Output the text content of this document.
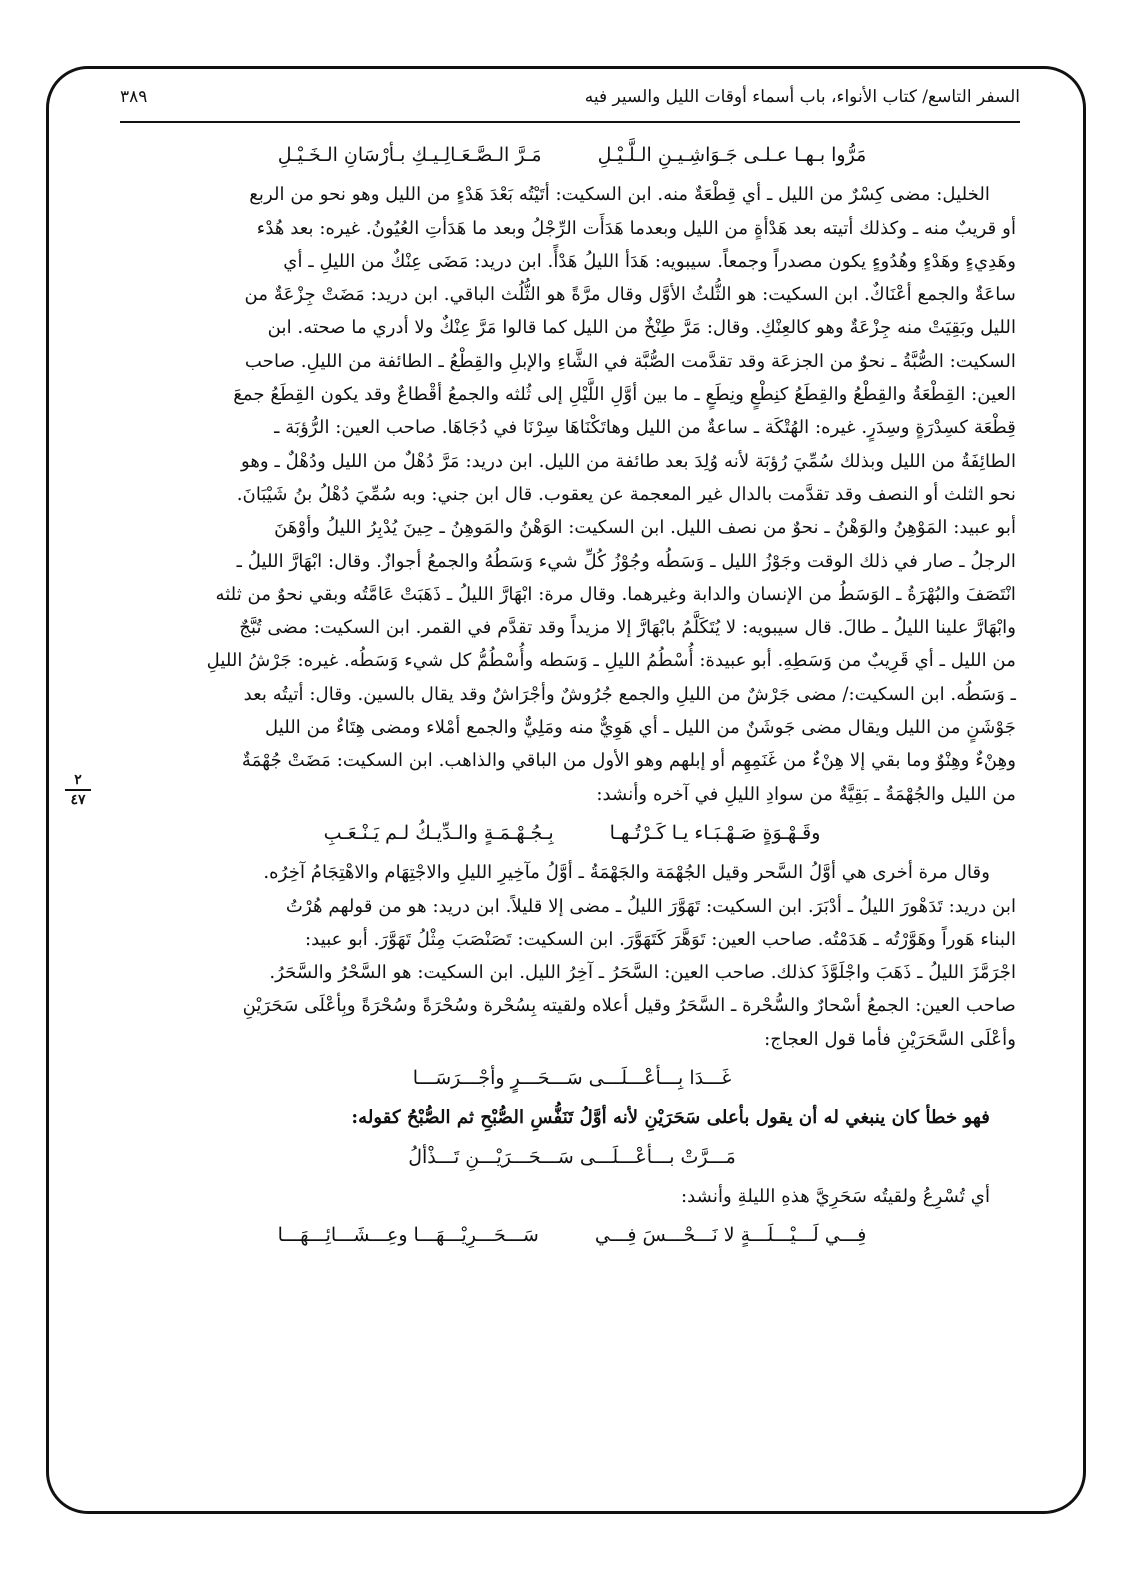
السفر التاسع/ كتاب الأنواء، باب أسماء أوقات الليل والسير فيه
٣٨٩
٢
٤٧
مَرُّوا بـهـا عـلـى جَـوَاشِـيـنِ الـلَّـيْـلِ
مَـرَّ الـصَّـعَـالِـيـكِ بـأرْسَانِ الـخَـيْـلِ

الخليل: مضى كِسْرٌ من الليل ـ أي قِطْعَةٌ منه. ابن السكيت: أتَيْتُه بَعْدَ هَدْءٍ من الليل وهو نحو من الربع

أو قريبٌ منه ـ وكذلك أتيته بعد هَدْأةٍ من الليل وبعدما هَدَأَت الرِّجْلُ وبعد ما هَدَأتِ العُيُونُ. غيره: بعد هُدْء

وهَدِيءٍ وهَدْءٍ وهُدُوءٍ يكون مصدراً وجمعاً. سيبويه: هَدَأ الليلُ هَدْأً. ابن دريد: مَضَى عِنْكٌ من الليلِ ـ أي

ساعَةٌ والجمع أعْنَاكٌ. ابن السكيت: هو الثُّلثُ الأوَّل وقال مرَّةً هو الثُّلُث الباقي. ابن دريد: مَضَتْ جِزْعَةٌ من

الليل وبَقِيَتْ منه جِزْعَةٌ وهو كالعِنْكِ. وقال: مَرَّ طِنْخٌ من الليل كما قالوا مَرَّ عِنْكٌ ولا أدري ما صحته. ابن

السكيت: الصُّبَّةُ ـ نحوٌ من الجزعَة وقد تقدَّمت الصُّبَّة في الشَّاءِ والإبلِ والقِطْعُ ـ الطائفة من الليلِ. صاحب

العين: القِطْعَةُ والقِطْعُ والقِطَعُ كنِطْعٍ ونِطَعٍ ـ ما بين أوَّلِ اللَّيْلِ إلى ثُلثه والجمعُ أقْطاعٌ وقد يكون القِطَعُ جمعَ

قِطْعَة كسِدْرَةٍ وسِدَرٍ. غيره: الهُتْكَة ـ ساعةٌ من الليل وهاتَكْنَاهَا سِرْنَا في دُجَاهَا. صاحب العين: الرُّؤبَة ـ

الطائِفَةُ من الليل وبذلك سُمِّيَ رُؤبَة لأنه وُلِدَ بعد طائفة من الليل. ابن دريد: مَرَّ دُهْلٌ من الليل ودُهْلٌ ـ وهو

نحو الثلث أو النصف وقد تقدَّمت بالدال غير المعجمة عن يعقوب. قال ابن جني: وبه سُمِّيَ دُهْلُ بنُ شَيْبَانَ.

أبو عبيد: المَوْهِنُ والوَهْنُ ـ نحوٌ من نصف الليل. ابن السكيت: الوَهْنُ والمَوهِنُ ـ حِينَ يُدْبِرُ الليلُ وأوْهَنَ

الرجلُ ـ صار في ذلك الوقت وجَوْزُ الليل ـ وَسَطُه وجُوْزُ كُلِّ شيء وَسَطُهُ والجمعُ أجوازٌ. وقال: ابْهَارَّ الليلُ ـ

انْتَصَفَ والبُهْرَةُ ـ الوَسَطُ من الإنسان والدابة وغيرهما. وقال مرة: ابْهَارَّ الليلُ ـ ذَهَبَتْ عَامَّتُه وبقي نحوٌ من ثلثه

وابْهَارَّ علينا الليلُ ـ طالَ. قال سيبويه: لا يُتَكَلَّمُ بابْهَارَّ إلا مزيداً وقد تقدَّم في القمر. ابن السكيت: مضى تُبَّجٌ

من الليل ـ أي قَرِيبٌ من وَسَطِهِ. أبو عبيدة: أُسْطُمُ الليلِ ـ وَسَطه وأُسْطُمُّ كل شيء وَسَطُه. غيره: جَرْشُ الليلِ

ـ وَسَطُه. ابن السكيت:/ مضى جَرْشٌ من الليلِ والجمع جُرُوشٌ وأجْرَاشٌ وقد يقال بالسين. وقال: أتيتُه بعد

جَوْشَنٍ من الليل ويقال مضى جَوشَنٌ من الليل ـ أي هَوِيٌّ منه ومَلِيٌّ والجمع أمْلاء ومضى هِتَاءٌ من الليل

وهِنْءٌ وهِنْوٌ وما بقي إلا هِنْءٌ من غَنَمِهِم أو إبلهم وهو الأول من الباقي والذاهب. ابن السكيت: مَضَتْ جُهْمَةٌ

من الليل والجُهْمَةُ ـ بَقِيَّةٌ من سوادِ الليلِ في آخره وأنشد:

وقَـهْـوَةٍ صَـهْـبَـاء يـا كَـرْتُـهـا
بِـجُـهْـمَـةٍ والـدِّيـكُ لـم يَـنْـعَـبِ

وقال مرة أخرى هي أوَّلُ السَّحر وقيل الجُهْمَة والجَهْمَةُ ـ أوَّلُ مآخِيرِ الليلِ والاجْتِهَام والاهْتِجَامُ آخِرُه.

ابن دريد: تَدَهْورَ الليلُ ـ أدْبَرَ. ابن السكيت: تَهَوَّرَ الليلُ ـ مضى إلا قليلاً. ابن دريد: هو من قولهم هُرْتُ

البناء هَوراً وهَوَّرْتُه ـ هَدَمْتُه. صاحب العين: تَوَهَّرَ كَتَهَوَّرَ. ابن السكيت: تَصَنْصَبَ مِثْلُ تَهَوَّرَ. أبو عبيد:

اجْرَمَّزَ الليلُ ـ ذَهَبَ واجْلَوَّذَ كذلك. صاحب العين: السَّحَرُ ـ آخِرُ الليل. ابن السكيت: هو السَّحْرُ والسَّحَرُ.

صاحب العين: الجمعُ أسْحارٌ والسُّحْرة ـ السَّحَرُ وقيل أعلاه ولقيته بِسُحْرة وسُحْرَةً وسُحْرَةً وبِأعْلَى سَحَرَيْنِ

وأعْلَى السَّحَرَيْنِ فأما قول العجاج:

غَـــدَا بِـــأعْـــلَـــى سَـــحَـــرٍ وأجْـــرَسَـــا

فهو خطأ كان ينبغي له أن يقول بأعلى سَحَرَيْنِ لأنه أوَّلُ تَنَفُّسِ الصُّبْحِ ثم الصُّبْحُ كقوله:

مَـــرَّتْ بـــأعْـــلَـــى سَـــحَـــرَيْـــنِ تَـــذْألُ

أي تُسْرِعُ ولقيتُه سَحَرِيَّ هذهِ الليلةِ وأنشد:

فِـــي لَـــيْـــلَـــةٍ لا نَـــحْـــسَ فِـــي
سَـــحَـــرِيْـــهَـــا وعِـــشَـــائِـــهَـــا
